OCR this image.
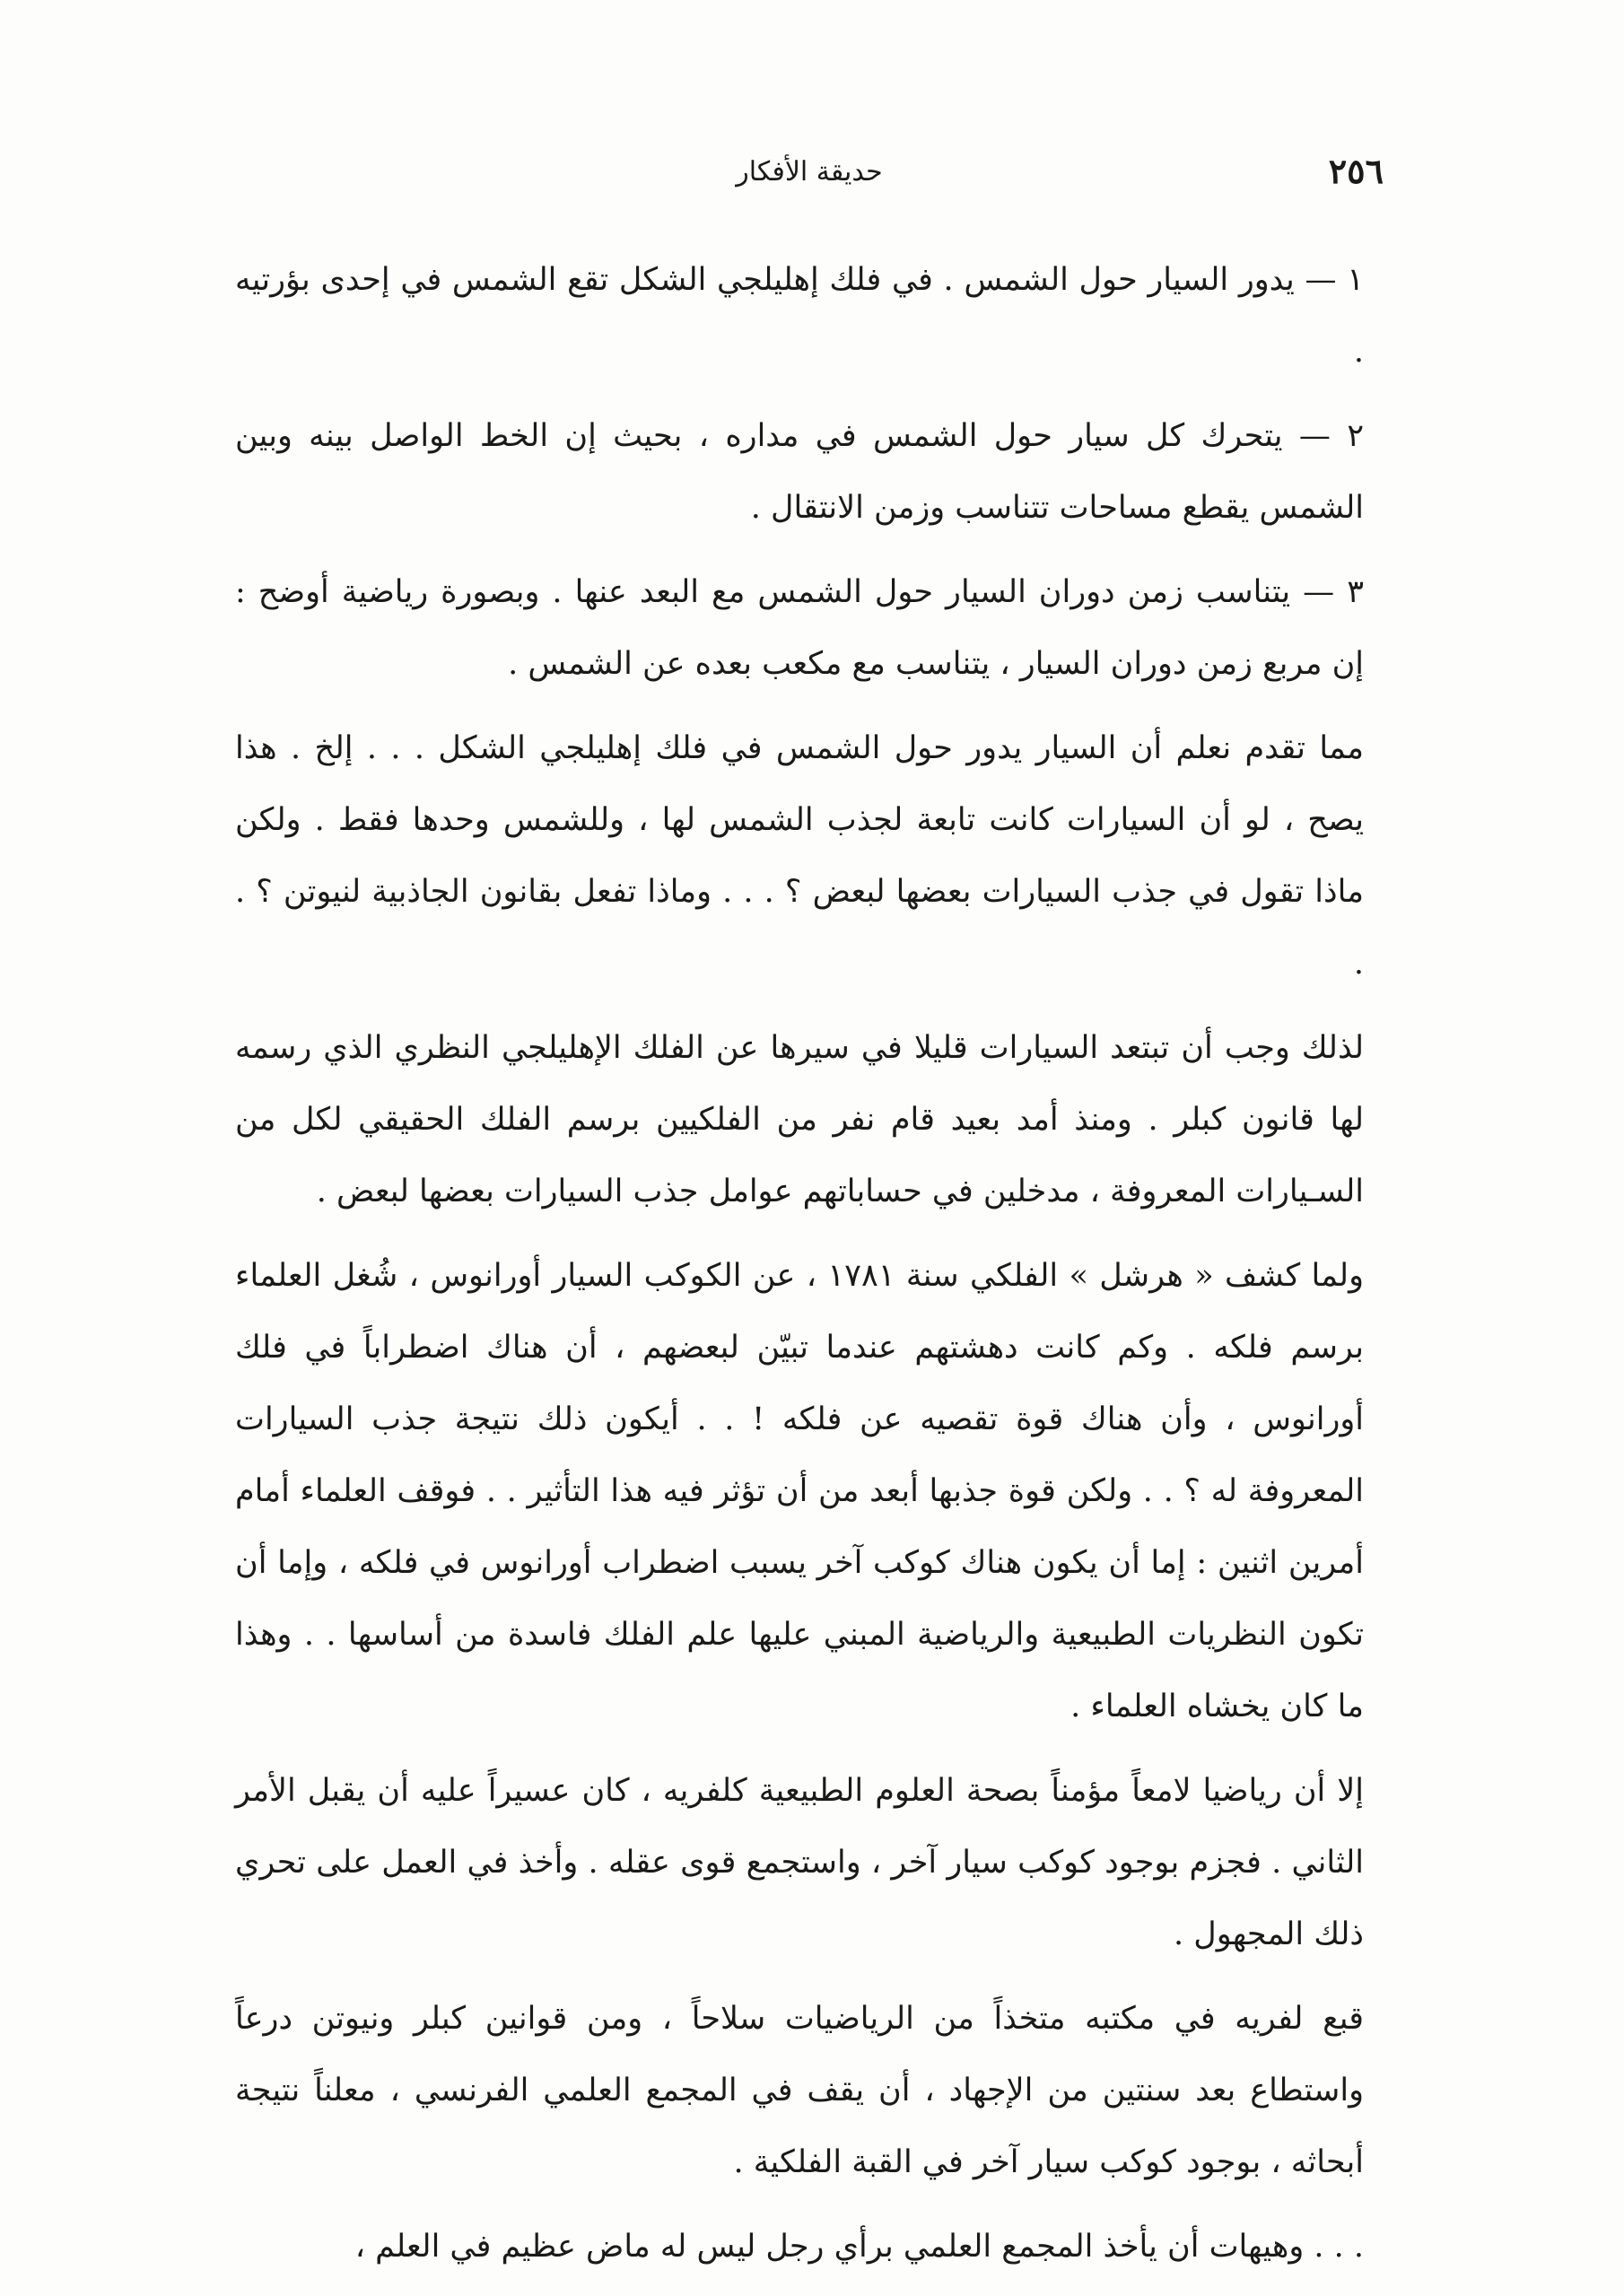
٢٥٦
حديقة الأفكار

١ — يدور السيار حول الشمس . في فلك إهليلجي الشكل تقع الشمس في إحدى بؤرتيه .

٢ — يتحرك كل سيار حول الشمس في مداره ، بحيث إن الخط الواصل بينه وبين الشمس يقطع مساحات تتناسب وزمن الانتقال .

٣ — يتناسب زمن دوران السيار حول الشمس مع البعد عنها . وبصورة رياضية أوضح : إن مربع زمن دوران السيار ، يتناسب مع مكعب بعده عن الشمس .

مما تقدم نعلم أن السيار يدور حول الشمس في فلك إهليلجي الشكل . . . إلخ . هذا يصح ، لو أن السيارات كانت تابعة لجذب الشمس لها ، وللشمس وحدها فقط . ولكن ماذا تقول في جذب السيارات بعضها لبعض ؟ . . . وماذا تفعل بقانون الجاذبية لنيوتن ؟ . .

لذلك وجب أن تبتعد السيارات قليلا في سيرها عن الفلك الإهليلجي النظري الذي رسمه لها قانون كبلر . ومنذ أمد بعيد قام نفر من الفلكيين برسم الفلك الحقيقي لكل من السـيارات المعروفة ، مدخلين في حساباتهم عوامل جذب السيارات بعضها لبعض .

ولما كشف « هرشل » الفلكي سنة ١٧٨١ ، عن الكوكب السيار أورانوس ، شُغل العلماء برسم فلكه . وكم كانت دهشتهم عندما تبيّن لبعضهم ، أن هناك اضطراباً في فلك أورانوس ، وأن هناك قوة تقصيه عن فلكه ! . . أيكون ذلك نتيجة جذب السيارات المعروفة له ؟ . . ولكن قوة جذبها أبعد من أن تؤثر فيه هذا التأثير . . فوقف العلماء أمام أمرين اثنين : إما أن يكون هناك كوكب آخر يسبب اضطراب أورانوس في فلكه ، وإما أن تكون النظريات الطبيعية والرياضية المبني عليها علم الفلك فاسدة من أساسها . . وهذا ما كان يخشاه العلماء .

إلا أن رياضيا لامعاً مؤمناً بصحة العلوم الطبيعية كلفريه ، كان عسيراً عليه أن يقبل الأمر الثاني . فجزم بوجود كوكب سيار آخر ، واستجمع قوى عقله . وأخذ في العمل على تحري ذلك المجهول .

قبع لفريه في مكتبه متخذاً من الرياضيات سلاحاً ، ومن قوانين كبلر ونيوتن درعاً واستطاع بعد سنتين من الإجهاد ، أن يقف في المجمع العلمي الفرنسي ، معلناً نتيجة أبحاثه ، بوجود كوكب سيار آخر في القبة الفلكية .

. . . وهيهات أن يأخذ المجمع العلمي برأي رجل ليس له ماض عظيم في العلم ،
